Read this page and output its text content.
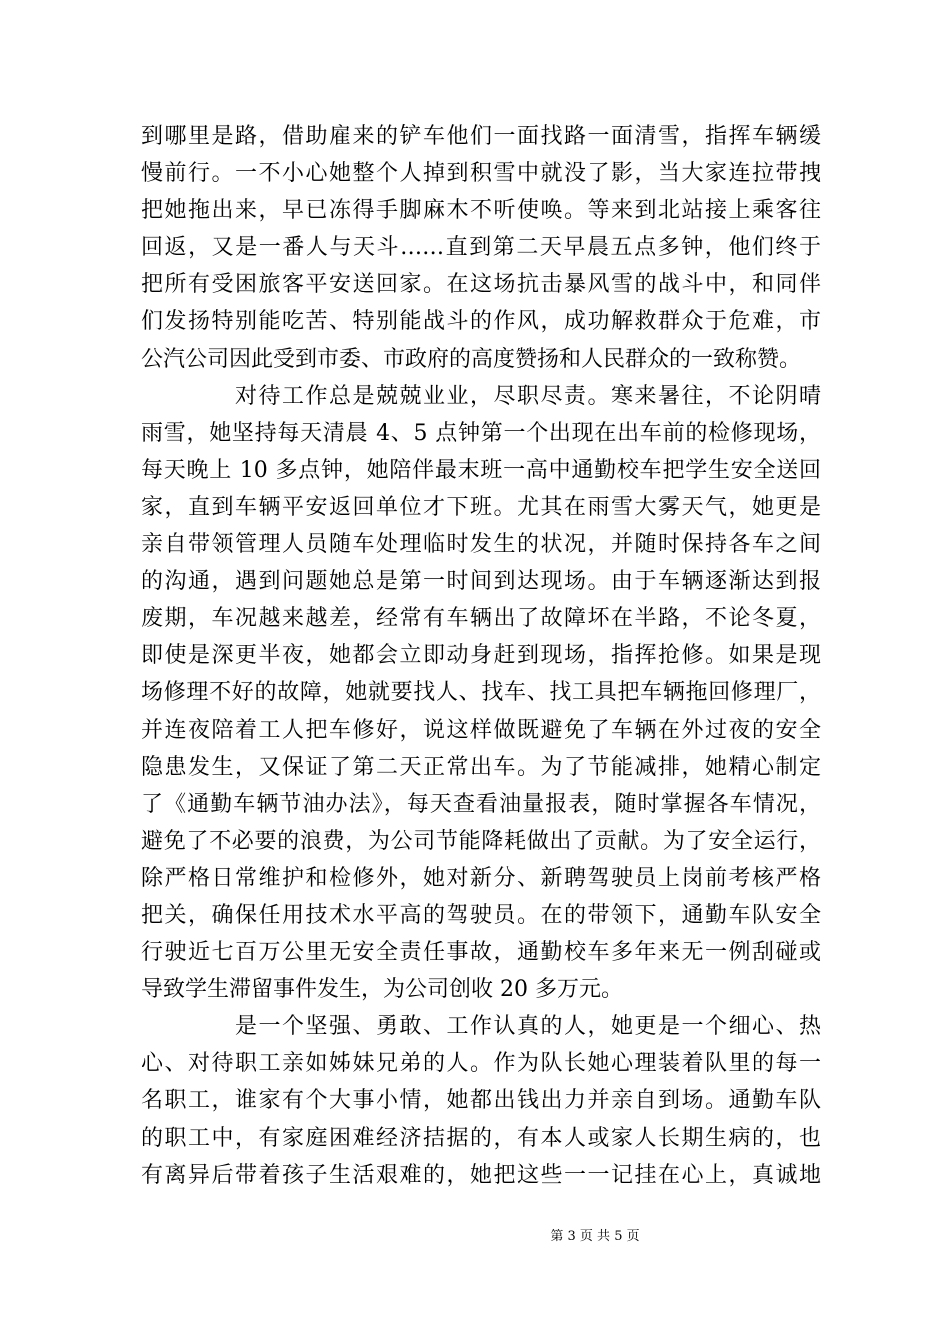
到哪里是路，借助雇来的铲车他们一面找路一面清雪，指挥车辆缓
慢前行。一不小心她整个人掉到积雪中就没了影，当大家连拉带拽
把她拖出来，早已冻得手脚麻木不听使唤。等来到北站接上乘客往
回返，又是一番人与天斗……直到第二天早晨五点多钟，他们终于
把所有受困旅客平安送回家。在这场抗击暴风雪的战斗中，和同伴
们发扬特别能吃苦、特别能战斗的作风，成功解救群众于危难，市
公汽公司因此受到市委、市政府的高度赞扬和人民群众的一致称赞。
对待工作总是兢兢业业，尽职尽责。寒来暑往，不论阴晴
雨雪，她坚持每天清晨 4、5 点钟第一个出现在出车前的检修现场，
每天晚上 10 多点钟，她陪伴最末班一高中通勤校车把学生安全送回
家，直到车辆平安返回单位才下班。尤其在雨雪大雾天气，她更是
亲自带领管理人员随车处理临时发生的状况，并随时保持各车之间
的沟通，遇到问题她总是第一时间到达现场。由于车辆逐渐达到报
废期，车况越来越差，经常有车辆出了故障坏在半路，不论冬夏，
即使是深更半夜，她都会立即动身赶到现场，指挥抢修。如果是现
场修理不好的故障，她就要找人、找车、找工具把车辆拖回修理厂，
并连夜陪着工人把车修好，说这样做既避免了车辆在外过夜的安全
隐患发生，又保证了第二天正常出车。为了节能减排，她精心制定
了《通勤车辆节油办法》，每天查看油量报表，随时掌握各车情况，
避免了不必要的浪费，为公司节能降耗做出了贡献。为了安全运行，
除严格日常维护和检修外，她对新分、新聘驾驶员上岗前考核严格
把关，确保任用技术水平高的驾驶员。在的带领下，通勤车队安全
行驶近七百万公里无安全责任事故，通勤校车多年来无一例刮碰或
导致学生滞留事件发生，为公司创收 20 多万元。
是一个坚强、勇敢、工作认真的人，她更是一个细心、热
心、对待职工亲如姊妹兄弟的人。作为队长她心理装着队里的每一
名职工，谁家有个大事小情，她都出钱出力并亲自到场。通勤车队
的职工中，有家庭困难经济拮据的，有本人或家人长期生病的，也
有离异后带着孩子生活艰难的，她把这些一一记挂在心上，真诚地
第 3 页 共 5 页
